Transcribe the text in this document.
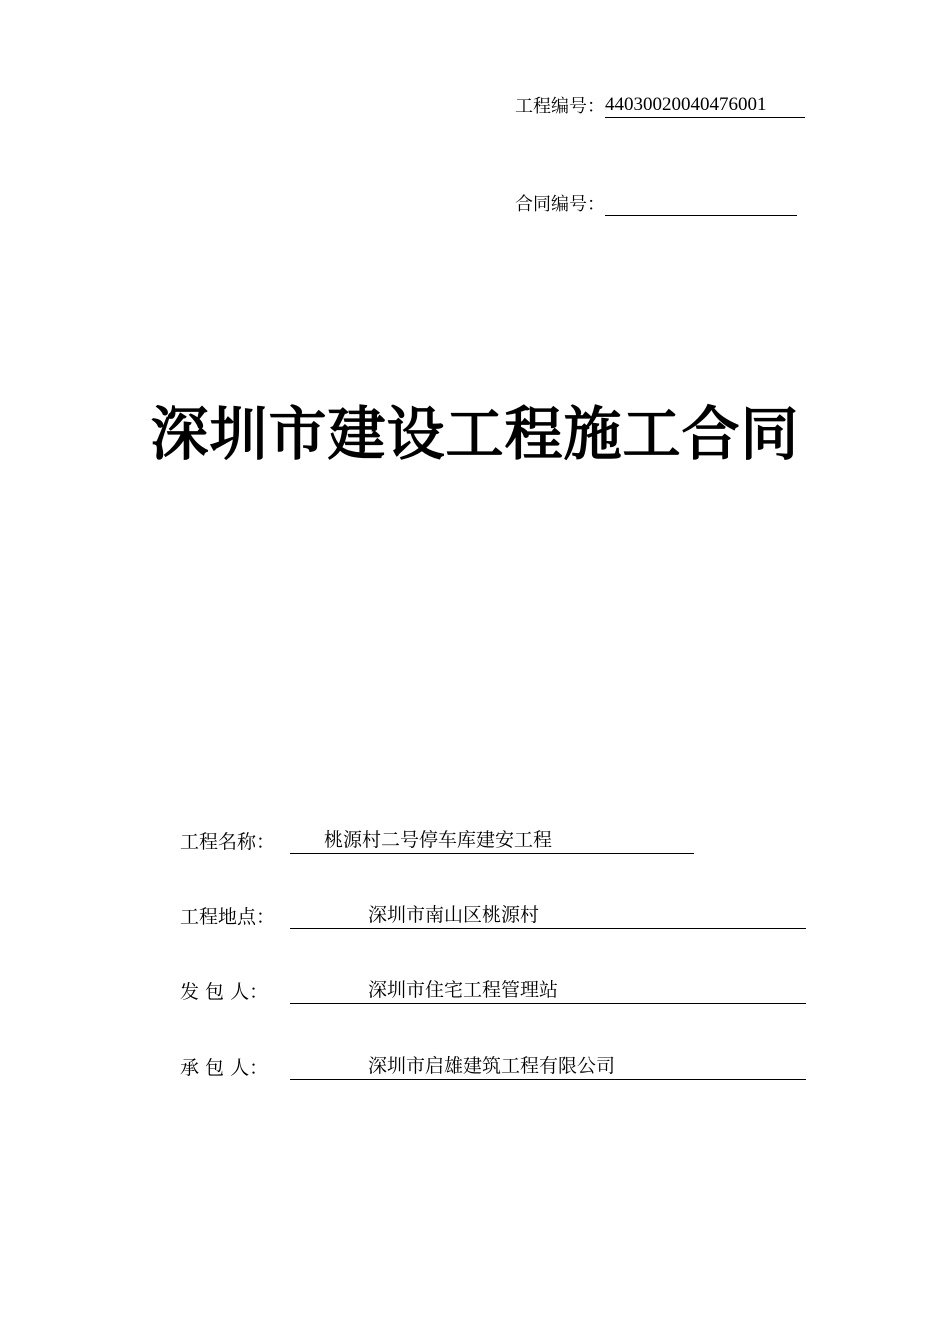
工程编号：44030020040476001
合同编号：
深圳市建设工程施工合同
工程名称：	桃源村二号停车库建安工程
工程地点：	深圳市南山区桃源村
发 包 人：	深圳市住宅工程管理站
承 包 人：	深圳市启雄建筑工程有限公司
